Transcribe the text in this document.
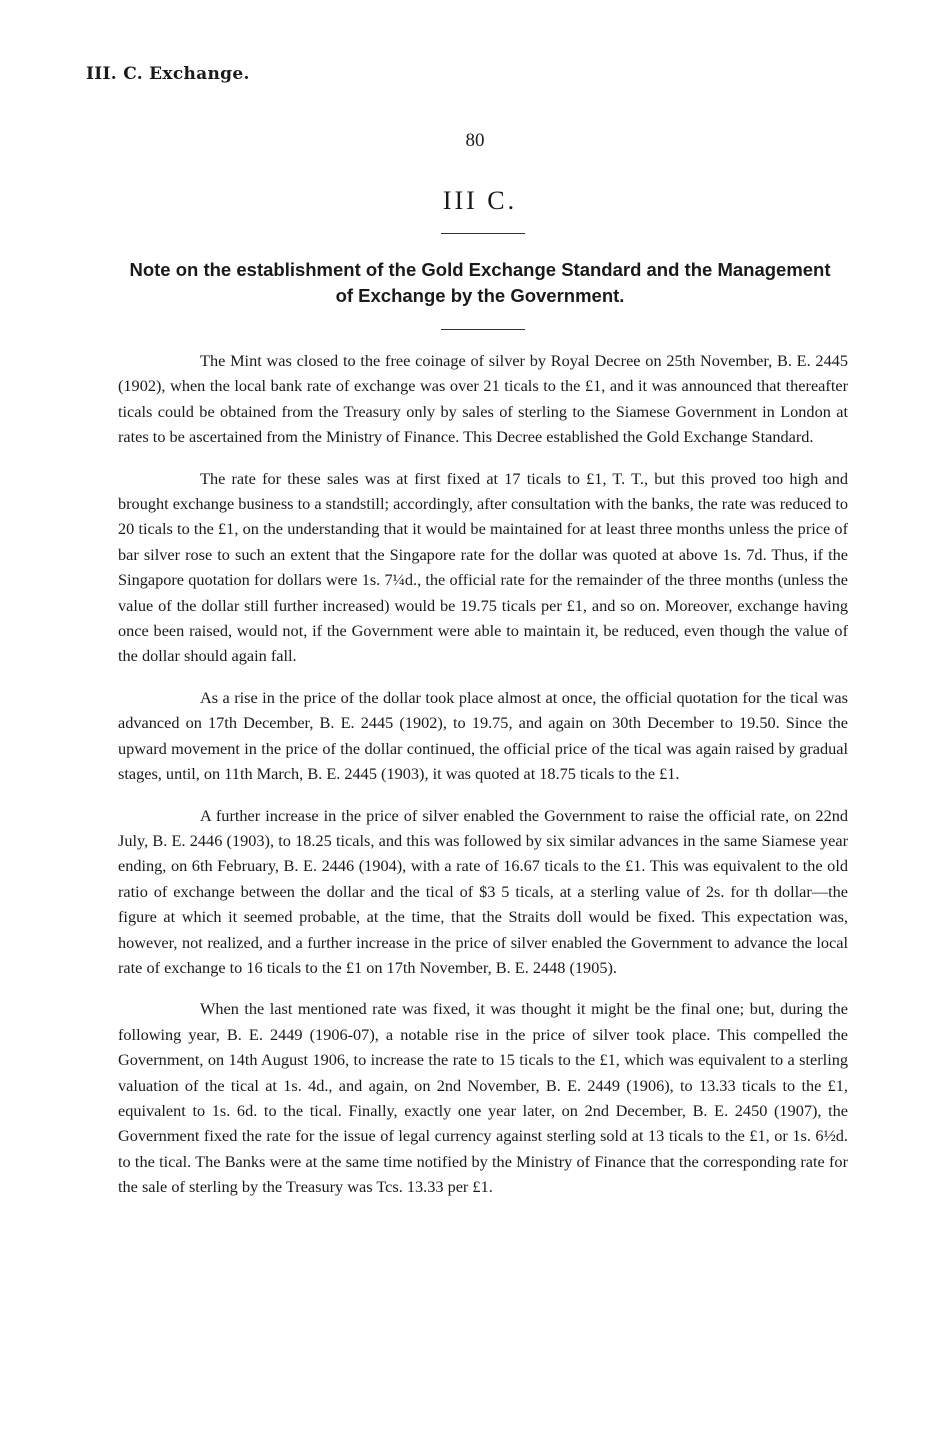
III. C. Exchange.
80
III C.
Note on the establishment of the Gold Exchange Standard and the Management of Exchange by the Government.

The Mint was closed to the free coinage of silver by Royal Decree on 25th November, B. E. 2445 (1902), when the local bank rate of exchange was over 21 ticals to the £1, and it was announced that thereafter ticals could be obtained from the Treasury only by sales of sterling to the Siamese Government in London at rates to be ascertained from the Ministry of Finance. This Decree established the Gold Exchange Standard.

The rate for these sales was at first fixed at 17 ticals to £1, T. T., but this proved too high and brought exchange business to a standstill; accordingly, after consultation with the banks, the rate was reduced to 20 ticals to the £1, on the understanding that it would be maintained for at least three months unless the price of bar silver rose to such an extent that the Singapore rate for the dollar was quoted at above 1s. 7d. Thus, if the Singapore quotation for dollars were 1s. 7¼d., the official rate for the remainder of the three months (unless the value of the dollar still further increased) would be 19.75 ticals per £1, and so on. Moreover, exchange having once been raised, would not, if the Government were able to maintain it, be reduced, even though the value of the dollar should again fall.

As a rise in the price of the dollar took place almost at once, the official quotation for the tical was advanced on 17th December, B. E. 2445 (1902), to 19.75, and again on 30th December to 19.50. Since the upward movement in the price of the dollar continued, the official price of the tical was again raised by gradual stages, until, on 11th March, B. E. 2445 (1903), it was quoted at 18.75 ticals to the £1.

A further increase in the price of silver enabled the Government to raise the official rate, on 22nd July, B. E. 2446 (1903), to 18.25 ticals, and this was followed by six similar advances in the same Siamese year ending, on 6th February, B. E. 2446 (1904), with a rate of 16.67 ticals to the £1. This was equivalent to the old ratio of exchange between the dollar and the tical of $3 5 ticals, at a sterling value of 2s. for th dollar—the figure at which it seemed probable, at the time, that the Straits doll would be fixed. This expectation was, however, not realized, and a further increase in the price of silver enabled the Government to advance the local rate of exchange to 16 ticals to the £1 on 17th November, B. E. 2448 (1905).

When the last mentioned rate was fixed, it was thought it might be the final one; but, during the following year, B. E. 2449 (1906-07), a notable rise in the price of silver took place. This compelled the Government, on 14th August 1906, to increase the rate to 15 ticals to the £1, which was equivalent to a sterling valuation of the tical at 1s. 4d., and again, on 2nd November, B. E. 2449 (1906), to 13.33 ticals to the £1, equivalent to 1s. 6d. to the tical. Finally, exactly one year later, on 2nd December, B. E. 2450 (1907), the Government fixed the rate for the issue of legal currency against sterling sold at 13 ticals to the £1, or 1s. 6½d. to the tical. The Banks were at the same time notified by the Ministry of Finance that the corresponding rate for the sale of sterling by the Treasury was Tcs. 13.33 per £1.
